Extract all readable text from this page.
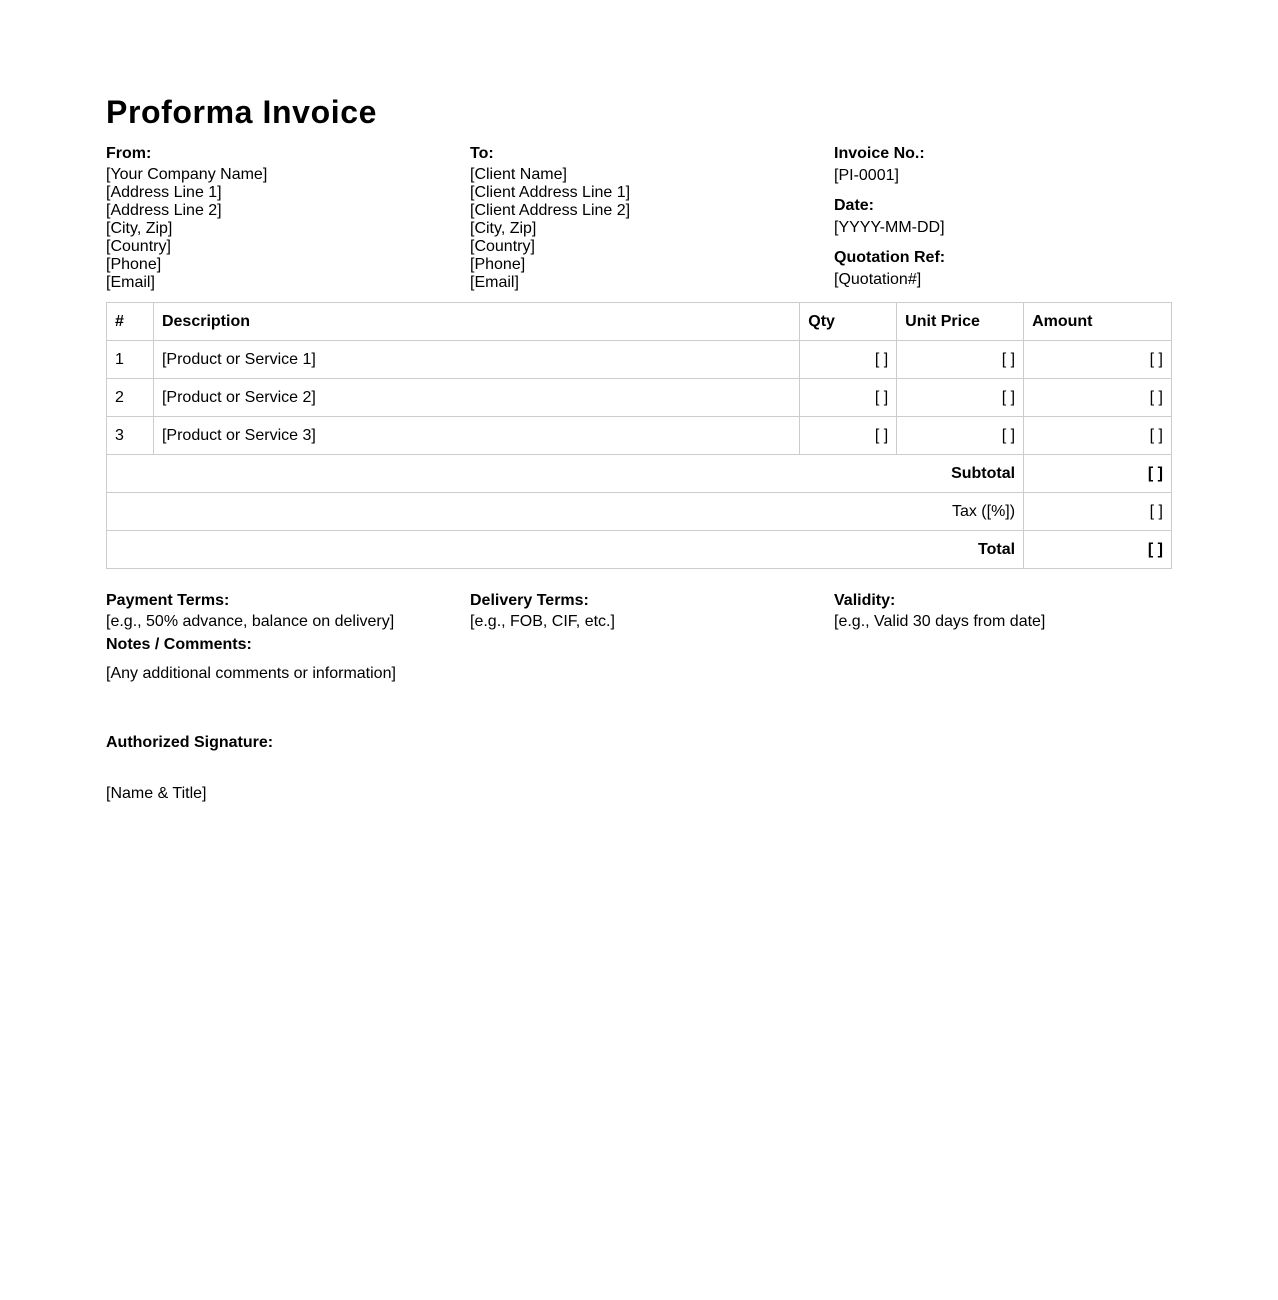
Proforma Invoice
From:
[Your Company Name]
[Address Line 1]
[Address Line 2]
[City, Zip]
[Country]
[Phone]
[Email]
To:
[Client Name]
[Client Address Line 1]
[Client Address Line 2]
[City, Zip]
[Country]
[Phone]
[Email]
Invoice No.:
[PI-0001]
Date:
[YYYY-MM-DD]
Quotation Ref:
[Quotation#]
#	Description	Qty	Unit Price	Amount
1	[Product or Service 1]	[ ]	[ ]	[ ]
2	[Product or Service 2]	[ ]	[ ]	[ ]
3	[Product or Service 3]	[ ]	[ ]	[ ]
Subtotal				[ ]
Tax ([%])				[ ]
Total				[ ]
Payment Terms:
[e.g., 50% advance, balance on delivery]
Delivery Terms:
[e.g., FOB, CIF, etc.]
Validity:
[e.g., Valid 30 days from date]
Notes / Comments:
[Any additional comments or information]
Authorized Signature:
[Name & Title]
